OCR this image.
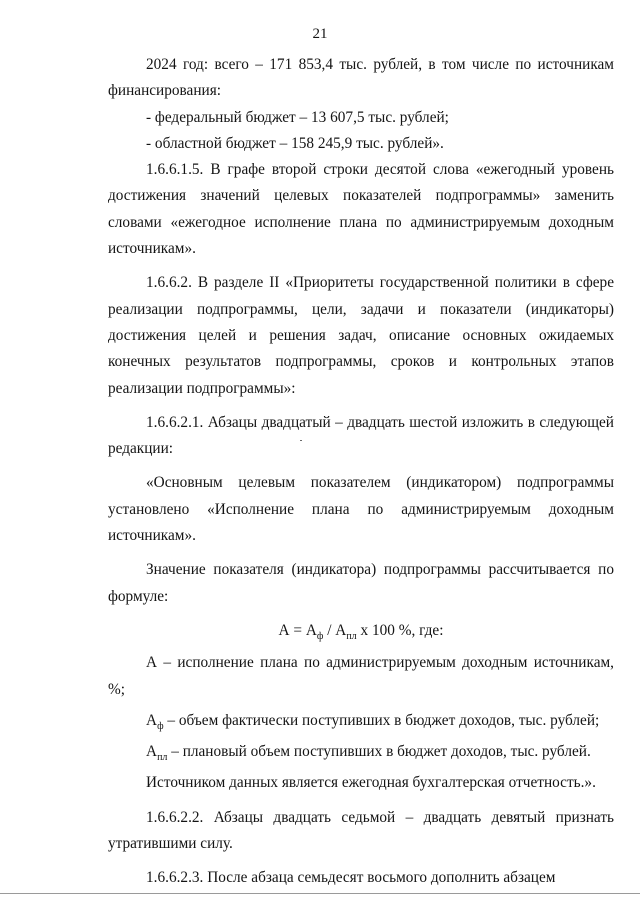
21

2024 год: всего – 171 853,4 тыс. рублей, в том числе по источникам финансирования:

- федеральный бюджет – 13 607,5 тыс. рублей;

- областной бюджет – 158 245,9 тыс. рублей».

1.6.6.1.5. В графе второй строки десятой слова «ежегодный уровень достижения значений целевых показателей подпрограммы» заменить словами «ежегодное исполнение плана по администрируемым доходным источникам».

1.6.6.2. В разделе II «Приоритеты государственной политики в сфере реализации подпрограммы, цели, задачи и показатели (индикаторы) достижения целей и решения задач, описание основных ожидаемых конечных результатов подпрограммы, сроков и контрольных этапов реализации подпрограммы»:

1.6.6.2.1. Абзацы двадцатый – двадцать шестой изложить в следующей редакции:

«Основным целевым показателем (индикатором) подпрограммы установлено «Исполнение плана по администрируемым доходным источникам».

Значение показателя (индикатора) подпрограммы рассчитывается по формуле:

$А = А_ф / А_{пл}$ х 100 %, где:

А – исполнение плана по администрируемым доходным источникам, %;

$А_ф$ – объем фактически поступивших в бюджет доходов, тыс. рублей;

$А_{пл}$ – плановый объем поступивших в бюджет доходов, тыс. рублей.

Источником данных является ежегодная бухгалтерская отчетность.».

1.6.6.2.2. Абзацы двадцать седьмой – двадцать девятый признать утратившими силу.

1.6.6.2.3. После абзаца семьдесят восьмого дополнить абзацем
